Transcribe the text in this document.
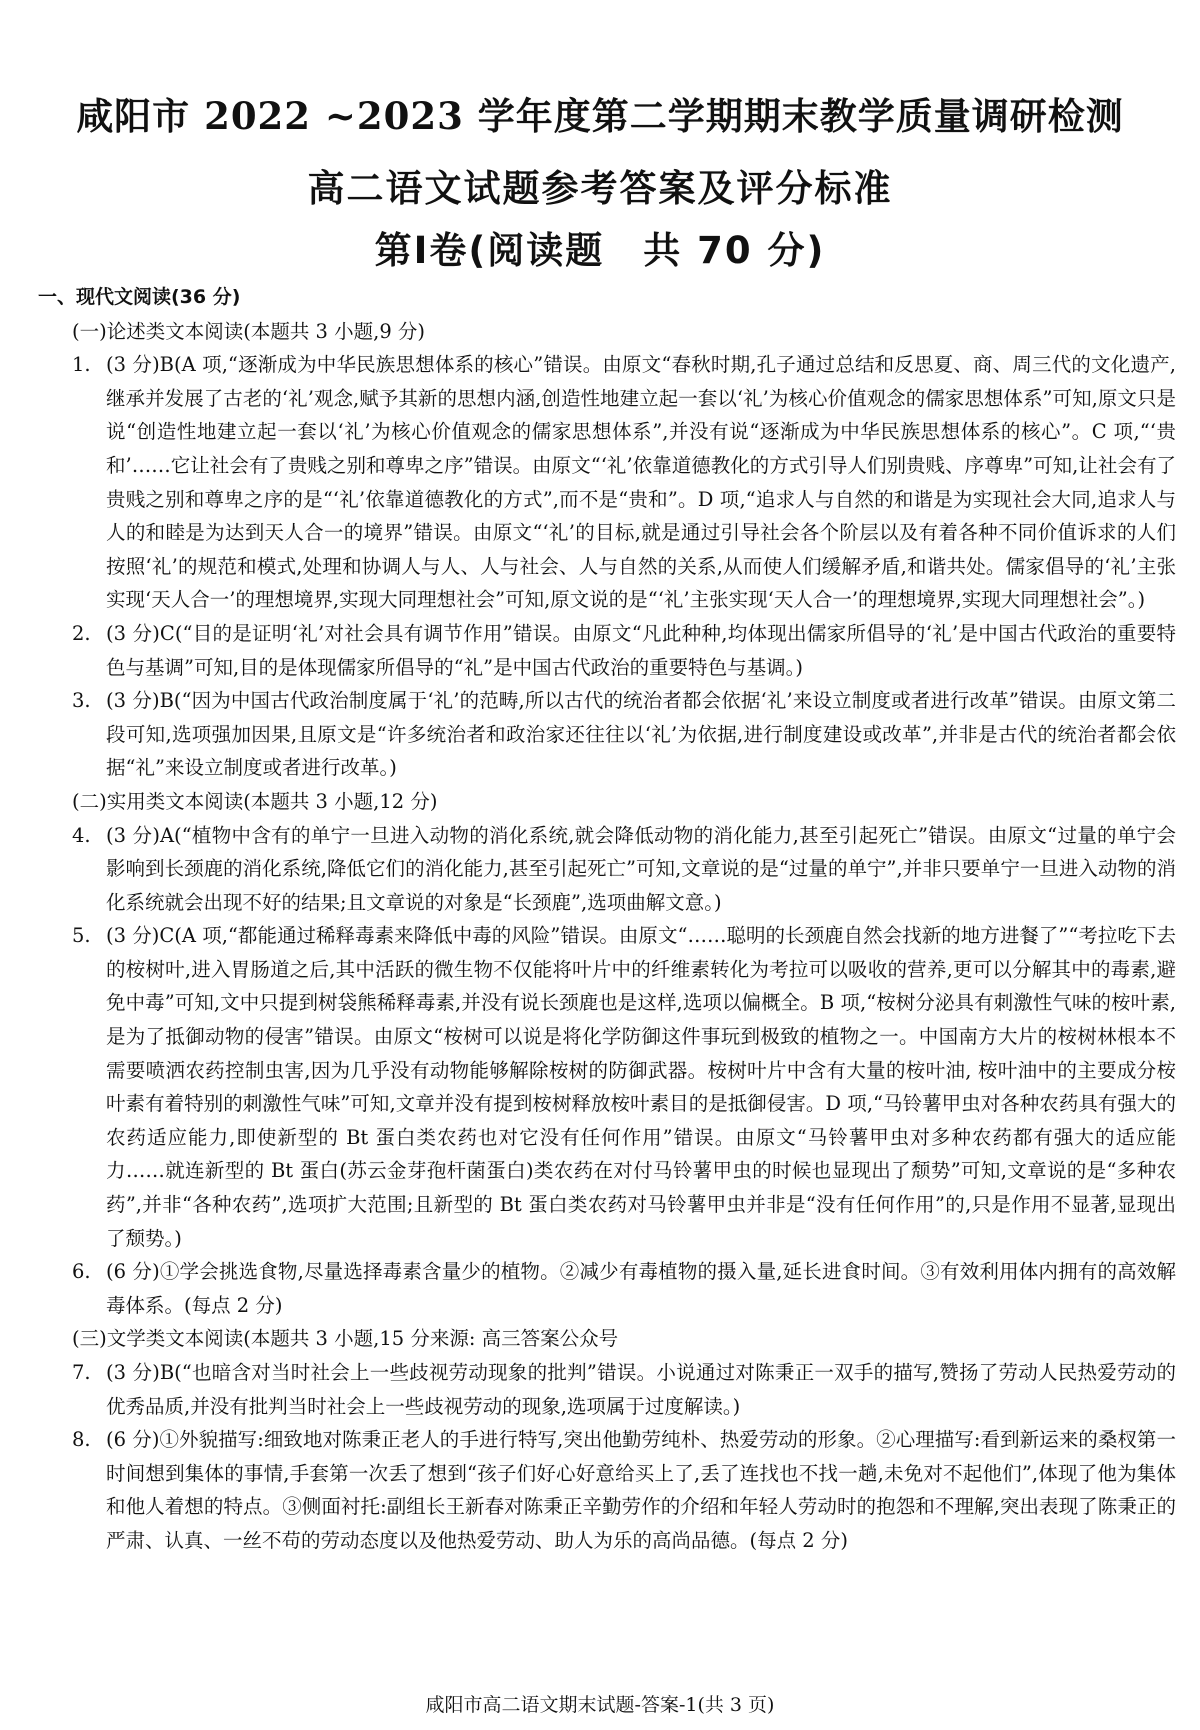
咸阳市 2022 ~2023 学年度第二学期期末教学质量调研检测
高二语文试题参考答案及评分标准
第Ⅰ卷(阅读题　共 70 分)
一、现代文阅读(36 分)
(一)论述类文本阅读(本题共 3 小题,9 分)
1. (3 分)B(A 项,“逐渐成为中华民族思想体系的核心”错误。由原文“春秋时期,孔子通过总结和反思夏、商、周三代的文化遗产,继承并发展了古老的‘礼’观念,赋予其新的思想内涵,创造性地建立起一套以‘礼’为核心价值观念的儒家思想体系”可知,原文只是说“创造性地建立起一套以‘礼’为核心价值观念的儒家思想体系”,并没有说“逐渐成为中华民族思想体系的核心”。C 项,“‘贵和’……它让社会有了贵贱之别和尊卑之序”错误。由原文“‘礼’依靠道德教化的方式引导人们别贵贱、序尊卑”可知,让社会有了贵贱之别和尊卑之序的是“‘礼’依靠道德教化的方式”,而不是“贵和”。D 项,“追求人与自然的和谐是为实现社会大同,追求人与人的和睦是为达到天人合一的境界”错误。由原文“‘礼’的目标,就是通过引导社会各个阶层以及有着各种不同价值诉求的人们按照‘礼’的规范和模式,处理和协调人与人、人与社会、人与自然的关系,从而使人们缓解矛盾,和谐共处。儒家倡导的‘礼’主张实现‘天人合一’的理想境界,实现大同理想社会”可知,原文说的是“‘礼’主张实现‘天人合一’的理想境界,实现大同理想社会”。)
2. (3 分)C(“目的是证明‘礼’对社会具有调节作用”错误。由原文“凡此种种,均体现出儒家所倡导的‘礼’是中国古代政治的重要特色与基调”可知,目的是体现儒家所倡导的“礼”是中国古代政治的重要特色与基调。)
3. (3 分)B(“因为中国古代政治制度属于‘礼’的范畴,所以古代的统治者都会依据‘礼’来设立制度或者进行改革”错误。由原文第二段可知,选项强加因果,且原文是“许多统治者和政治家还往往以‘礼’为依据,进行制度建设或改革”,并非是古代的统治者都会依据“礼”来设立制度或者进行改革。)
(二)实用类文本阅读(本题共 3 小题,12 分)
4. (3 分)A(“植物中含有的单宁一旦进入动物的消化系统,就会降低动物的消化能力,甚至引起死亡”错误。由原文“过量的单宁会影响到长颈鹿的消化系统,降低它们的消化能力,甚至引起死亡”可知,文章说的是“过量的单宁”,并非只要单宁一旦进入动物的消化系统就会出现不好的结果;且文章说的对象是“长颈鹿”,选项曲解文意。)
5. (3 分)C(A 项,“都能通过稀释毒素来降低中毒的风险”错误。由原文“……聪明的长颈鹿自然会找新的地方进餐了”“考拉吃下去的桉树叶,进入胃肠道之后,其中活跃的微生物不仅能将叶片中的纤维素转化为考拉可以吸收的营养,更可以分解其中的毒素,避免中毒”可知,文中只提到树袋熊稀释毒素,并没有说长颈鹿也是这样,选项以偏概全。B 项,“桉树分泌具有刺激性气味的桉叶素,是为了抵御动物的侵害”错误。由原文“桉树可以说是将化学防御这件事玩到极致的植物之一。中国南方大片的桉树林根本不需要喷洒农药控制虫害,因为几乎没有动物能够解除桉树的防御武器。桉树叶片中含有大量的桉叶油, 桉叶油中的主要成分桉叶素有着特别的刺激性气味”可知,文章并没有提到桉树释放桉叶素目的是抵御侵害。D 项,“马铃薯甲虫对各种农药具有强大的农药适应能力,即使新型的 Bt 蛋白类农药也对它没有任何作用”错误。由原文“马铃薯甲虫对多种农药都有强大的适应能力……就连新型的 Bt 蛋白(苏云金芽孢杆菌蛋白)类农药在对付马铃薯甲虫的时候也显现出了颓势”可知,文章说的是“多种农药”,并非“各种农药”,选项扩大范围;且新型的 Bt 蛋白类农药对马铃薯甲虫并非是“没有任何作用”的,只是作用不显著,显现出了颓势。)
6. (6 分)①学会挑选食物,尽量选择毒素含量少的植物。②减少有毒植物的摄入量,延长进食时间。③有效利用体内拥有的高效解毒体系。(每点 2 分)
(三)文学类文本阅读(本题共 3 小题,15 分来源: 高三答案公众号
7. (3 分)B(“也暗含对当时社会上一些歧视劳动现象的批判”错误。小说通过对陈秉正一双手的描写,赞扬了劳动人民热爱劳动的优秀品质,并没有批判当时社会上一些歧视劳动的现象,选项属于过度解读。)
8. (6 分)①外貌描写:细致地对陈秉正老人的手进行特写,突出他勤劳纯朴、热爱劳动的形象。②心理描写:看到新运来的桑杈第一时间想到集体的事情,手套第一次丢了想到“孩子们好心好意给买上了,丢了连找也不找一趟,未免对不起他们”,体现了他为集体和他人着想的特点。③侧面衬托:副组长王新春对陈秉正辛勤劳作的介绍和年轻人劳动时的抱怨和不理解,突出表现了陈秉正的严肃、认真、一丝不苟的劳动态度以及他热爱劳动、助人为乐的高尚品德。(每点 2 分)
咸阳市高二语文期末试题-答案-1(共 3 页)
